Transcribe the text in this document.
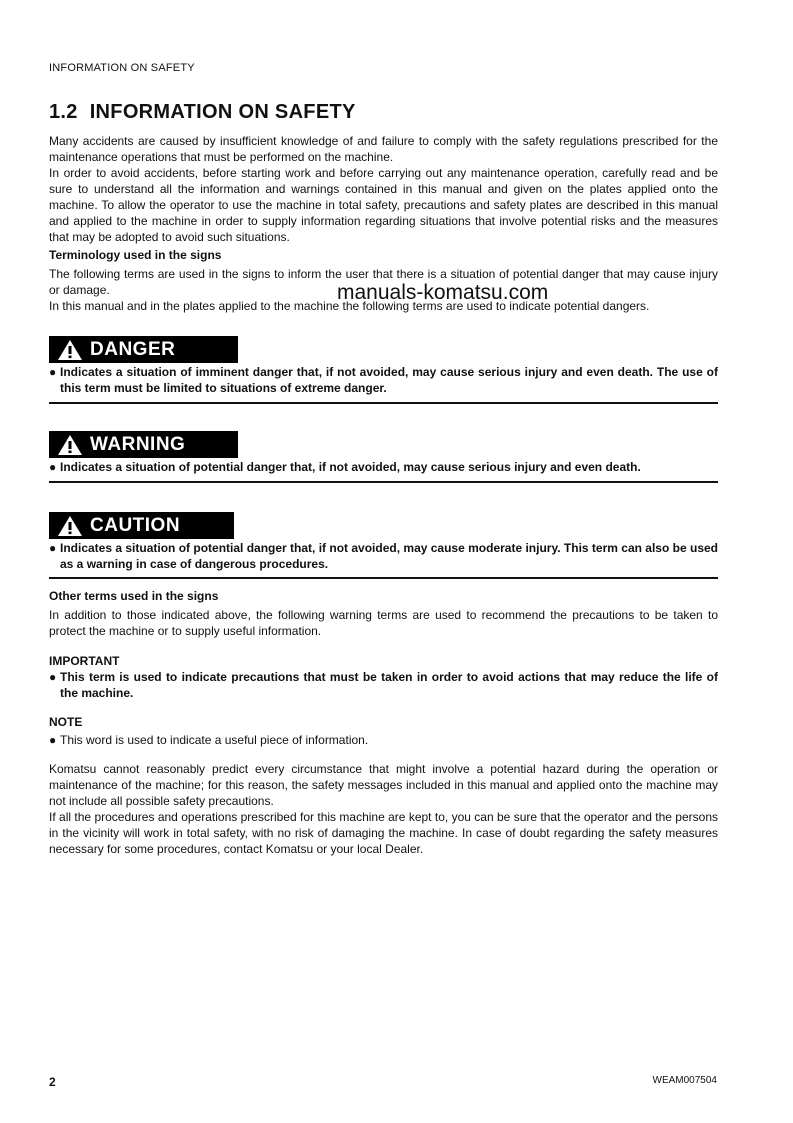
INFORMATION ON SAFETY
1.2 INFORMATION ON SAFETY

Many accidents are caused by insufficient knowledge of and failure to comply with the safety regulations prescribed for the maintenance operations that must be performed on the machine.

In order to avoid accidents, before starting work and before carrying out any maintenance operation, carefully read and be sure to understand all the information and warnings contained in this manual and given on the plates applied onto the machine. To allow the operator to use the machine in total safety, precautions and safety plates are described in this manual and applied to the machine in order to supply information regarding situations that involve potential risks and the measures that may be adopted to avoid such situations.

Terminology used in the signs

The following terms are used in the signs to inform the user that there is a situation of potential danger that may cause injury or damage.

In this manual and in the plates applied to the machine the following terms are used to indicate potential dangers.

manuals-komatsu.com
DANGER
● Indicates a situation of imminent danger that, if not avoided, may cause serious injury and even death. The use of this term must be limited to situations of extreme danger.
WARNING
● Indicates a situation of potential danger that, if not avoided, may cause serious injury and even death.
CAUTION
● Indicates a situation of potential danger that, if not avoided, may cause moderate injury. This term can also be used as a warning in case of dangerous procedures.

Other terms used in the signs

In addition to those indicated above, the following warning terms are used to recommend the precautions to be taken to protect the machine or to supply useful information.

IMPORTANT

● This term is used to indicate precautions that must be taken in order to avoid actions that may reduce the life of the machine.

NOTE

● This word is used to indicate a useful piece of information.

Komatsu cannot reasonably predict every circumstance that might involve a potential hazard during the operation or maintenance of the machine; for this reason, the safety messages included in this manual and applied onto the machine may not include all possible safety precautions.

If all the procedures and operations prescribed for this machine are kept to, you can be sure that the operator and the persons in the vicinity will work in total safety, with no risk of damaging the machine. In case of doubt regarding the safety measures necessary for some procedures, contact Komatsu or your local Dealer.

2	WEAM007504
